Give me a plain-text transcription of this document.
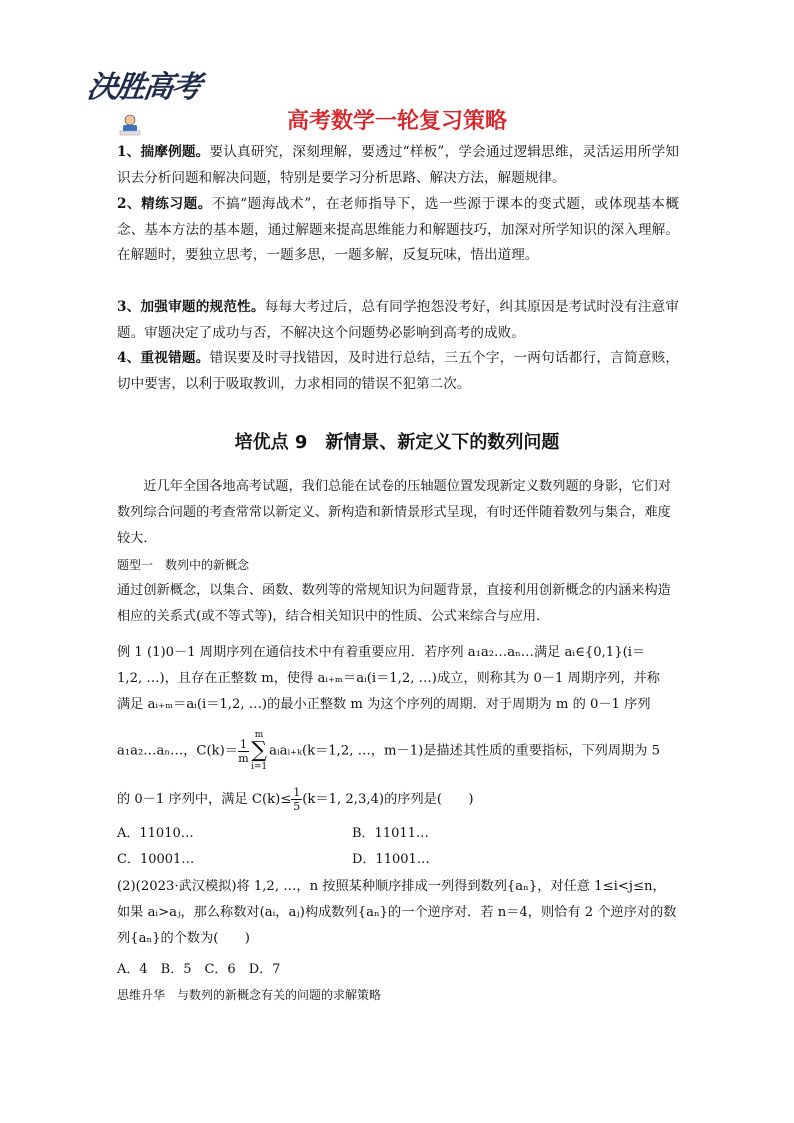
決胜高考
高考数学一轮复习策略
1、揣摩例题。要认真研究，深刻理解，要透过“样板”，学会通过逻辑思维，灵活运用所学知识去分析问题和解决问题，特别是要学习分析思路、解决方法，解题规律。
2、精练习题。不搞“题海战术”，在老师指导下，选一些源于课本的变式题，或体现基本概念、基本方法的基本题，通过解题来提高思维能力和解题技巧，加深对所学知识的深入理解。在解题时，要独立思考，一题多思，一题多解，反复玩味，悟出道理。
3、加强审题的规范性。每每大考过后，总有同学抱怨没考好，纠其原因是考试时没有注意审题。审题决定了成功与否，不解决这个问题势必影响到高考的成败。
4、重视错题。错误要及时寻找错因，及时进行总结，三五个字，一两句话都行，言简意赅，切中要害，以利于吸取教训，力求相同的错误不犯第二次。
培优点 9　新情景、新定义下的数列问题
近几年全国各地高考试题，我们总能在试卷的压轴题位置发现新定义数列题的身影，它们对数列综合问题的考查常常以新定义、新构造和新情景形式呈现，有时还伴随着数列与集合，难度较大．
题型一　数列中的新概念
通过创新概念，以集合、函数、数列等的常规知识为问题背景，直接利用创新概念的内涵来构造相应的关系式(或不等式等)，结合相关知识中的性质、公式来综合与应用．
例 1 (1)0－1 周期序列在通信技术中有着重要应用．若序列 a₁a₂…aₙ…满足 aᵢ∈{0,1}(i＝
1,2, …)，且存在正整数 m，使得 aᵢ₊ₘ＝aᵢ(i＝1,2, …)成立，则称其为 0－1 周期序列，并称
满足 aᵢ₊ₘ＝aᵢ(i＝1,2, …)的最小正整数 m 为这个序列的周期．对于周期为 m 的 0－1 序列
a₁a₂…aₙ…，$C(k)= \frac{1}{m}$
m
∑
i=1aᵢaᵢ₊ₖ(k＝1,2, …，m－1)是描述其性质的重要指标，下列周期为 5
的 0－1 序列中，满足 $C(k)\le \frac{1}{5} (k=1$, 2,3,4)的序列是(　　)
A．11010…	B．11011…
C．10001…	D．11001…
(2)(2023·武汉模拟)将 1,2, …，n 按照某种顺序排成一列得到数列{aₙ}，对任意 1≤i<j≤n，
如果 aᵢ>aⱼ，那么称数对(aᵢ，aⱼ)构成数列{aₙ}的一个逆序对．若 n＝4，则恰有 2 个逆序对的数
列{aₙ}的个数为(　　)
A．4　B．5　C．6　D．7
思维升华　与数列的新概念有关的问题的求解策略
